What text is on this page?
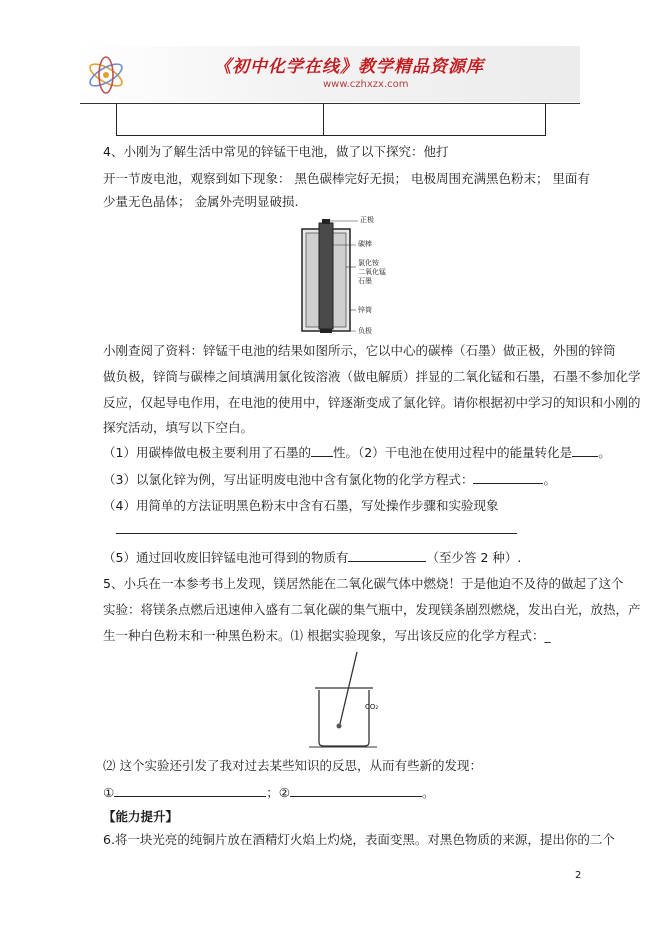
《初中化学在线》教学精品资源库
www.czhxzx.com
4、小刚为了解生活中常见的锌锰干电池，做了以下探究：他打
开一节废电池，观察到如下现象： 黑色碳棒完好无损； 电极周围充满黑色粉末； 里面有
少量无色晶体； 金属外壳明显破损.
正极
碳棒
氯化铵
二氧化锰
石墨
锌筒
负极
小刚查阅了资料：锌锰干电池的结果如图所示，它以中心的碳棒（石墨）做正极，外围的锌筒
做负极，锌筒与碳棒之间填满用氯化铵溶液（做电解质）拌显的二氧化锰和石墨，石墨不参加化学
反应，仅起导电作用，在电池的使用中，锌逐渐变成了氯化锌。请你根据初中学习的知识和小刚的
探究活动，填写以下空白。
（1）用碳棒做电极主要利用了石墨的 性。（2）干电池在使用过程中的能量转化是 。
（3）以氯化锌为例，写出证明废电池中含有氯化物的化学方程式：	。
（4）用简单的方法证明黑色粉末中含有石墨，写处操作步骤和实验现象
（5）通过回收废旧锌锰电池可得到的物质有	（至少答 2 种）.
5、小兵在一本参考书上发现，镁居然能在二氧化碳气体中燃烧！于是他迫不及待的做起了这个
实验：将镁条点燃后迅速伸入盛有二氧化碳的集气瓶中，发现镁条剧烈燃烧，发出白光，放热，产
生一种白色粉末和一种黑色粉末。⑴ 根据实验现象，写出该反应的化学方程式：_
CO₂
⑵ 这个实验还引发了我对过去某些知识的反思，从而有些新的发现：
①	；②	。
【能力提升】
6.将一块光亮的纯铜片放在酒精灯火焰上灼烧，表面变黑。对黑色物质的来源，提出你的二个
2
